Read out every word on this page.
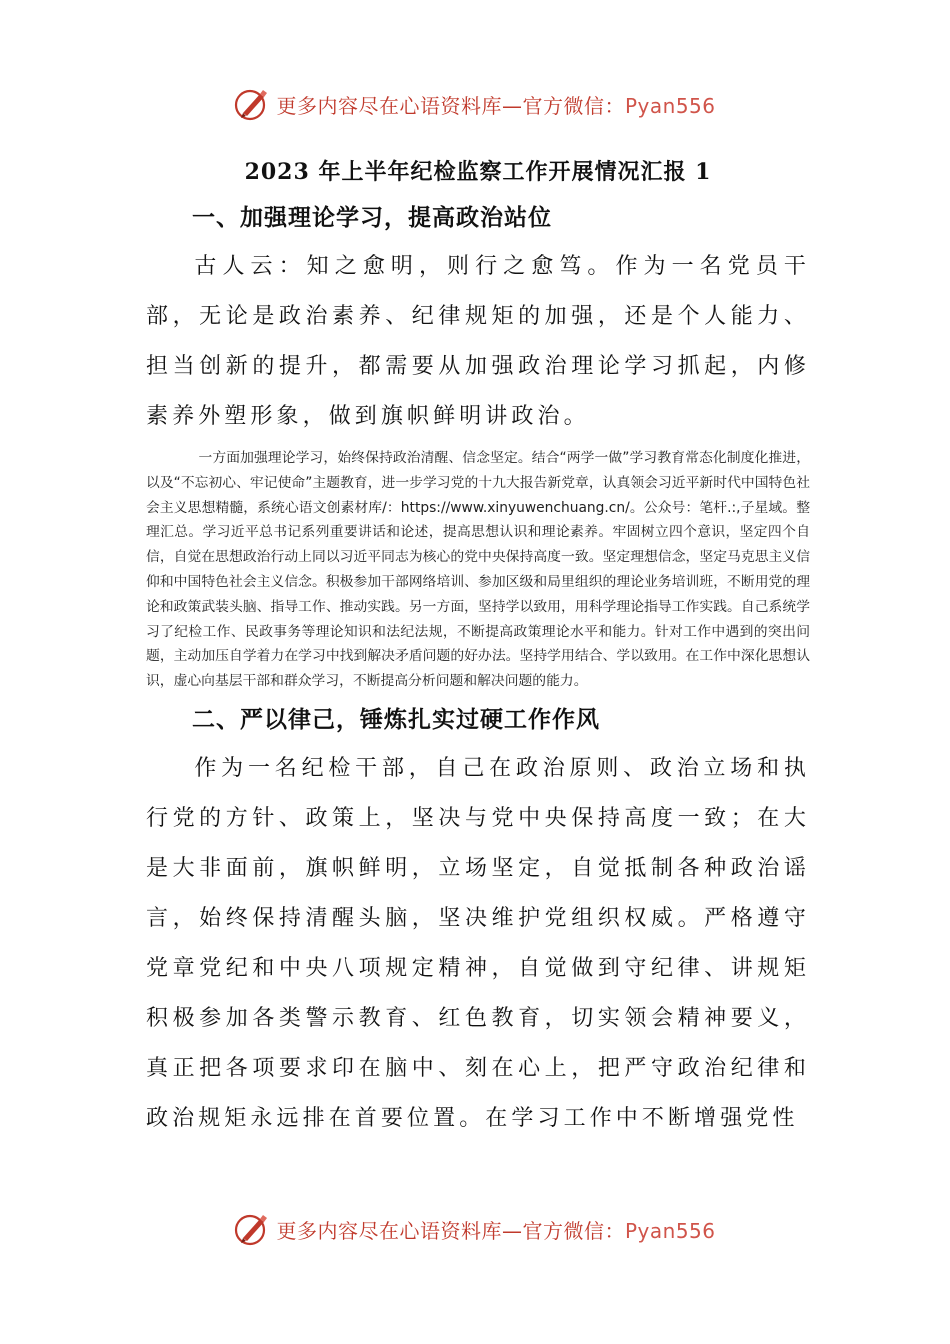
更多内容尽在心语资料库—官方微信：Pyan556
2023 年上半年纪检监察工作开展情况汇报 1
一、加强理论学习，提高政治站位

古人云：知之愈明，则行之愈笃。作为一名党员干部，无论是政治素养、纪律规矩的加强，还是个人能力、担当创新的提升，都需要从加强政治理论学习抓起，内修素养外塑形象，做到旗帜鲜明讲政治。

一方面加强理论学习，始终保持政治清醒、信念坚定。结合“两学一做”学习教育常态化制度化推进，以及“不忘初心、牢记使命”主题教育，进一步学习党的十九大报告新党章，认真领会习近平新时代中国特色社会主义思想精髓，系统心语文创素材库/：https://www.xinyuwenchuang.cn/。公众号：笔杆.:,子星域。整理汇总。学习近平总书记系列重要讲话和论述，提高思想认识和理论素养。牢固树立四个意识，坚定四个自信，自觉在思想政治行动上同以习近平同志为核心的党中央保持高度一致。坚定理想信念，坚定马克思主义信仰和中国特色社会主义信念。积极参加干部网络培训、参加区级和局里组织的理论业务培训班，不断用党的理论和政策武装头脑、指导工作、推动实践。另一方面，坚持学以致用，用科学理论指导工作实践。自己系统学习了纪检工作、民政事务等理论知识和法纪法规，不断提高政策理论水平和能力。针对工作中遇到的突出问题，主动加压自学着力在学习中找到解决矛盾问题的好办法。坚持学用结合、学以致用。在工作中深化思想认识，虚心向基层干部和群众学习，不断提高分析问题和解决问题的能力。

二、严以律己，锤炼扎实过硬工作作风

作为一名纪检干部，自己在政治原则、政治立场和执行党的方针、政策上，坚决与党中央保持高度一致；在大是大非面前，旗帜鲜明，立场坚定，自觉抵制各种政治谣言，始终保持清醒头脑，坚决维护党组织权威。严格遵守党章党纪和中央八项规定精神，自觉做到守纪律、讲规矩积极参加各类警示教育、红色教育，切实领会精神要义，真正把各项要求印在脑中、刻在心上，把严守政治纪律和政治规矩永远排在首要位置。在学习工作中不断增强党性

更多内容尽在心语资料库—官方微信：Pyan556
